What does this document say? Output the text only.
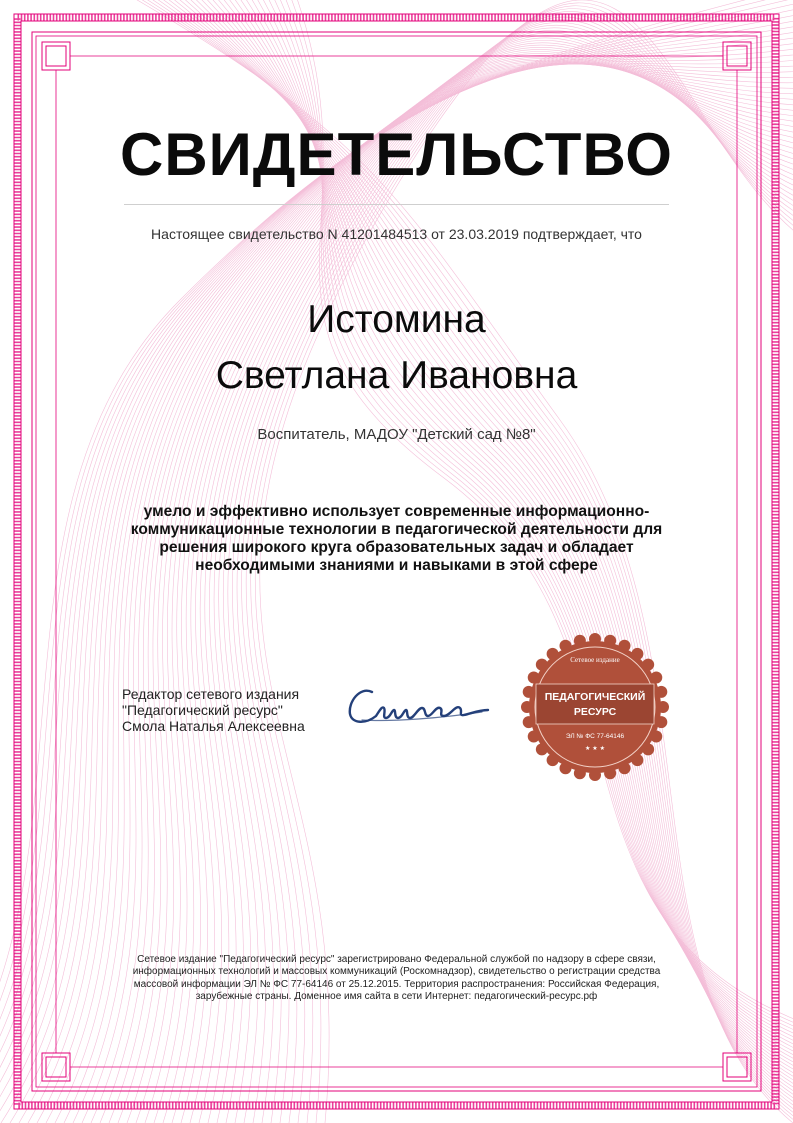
СВИДЕТЕЛЬСТВО
Настоящее свидетельство N 41201484513 от 23.03.2019 подтверждает, что
Истомина
Светлана Ивановна
Воспитатель, МАДОУ "Детский сад №8"
умело и эффективно использует современные информационно-коммуникационные технологии в педагогической деятельности для решения широкого круга образовательных задач и обладает необходимыми знаниями и навыками в этой сфере
Редактор сетевого издания
"Педагогический ресурс"
Смола Наталья Алексеевна
Сетевое издание
ПЕДАГОГИЧЕСКИЙ
РЕСУРС
ЭЛ № ФС 77-64146
★ ★ ★
Сетевое издание "Педагогический ресурс" зарегистрировано Федеральной службой по надзору в сфере связи, информационных технологий и массовых коммуникаций (Роскомнадзор), свидетельство о регистрации средства массовой информации ЭЛ № ФС 77-64146 от 25.12.2015. Территория распространения: Российская Федерация, зарубежные страны. Доменное имя сайта в сети Интернет: педагогический-ресурс.рф
